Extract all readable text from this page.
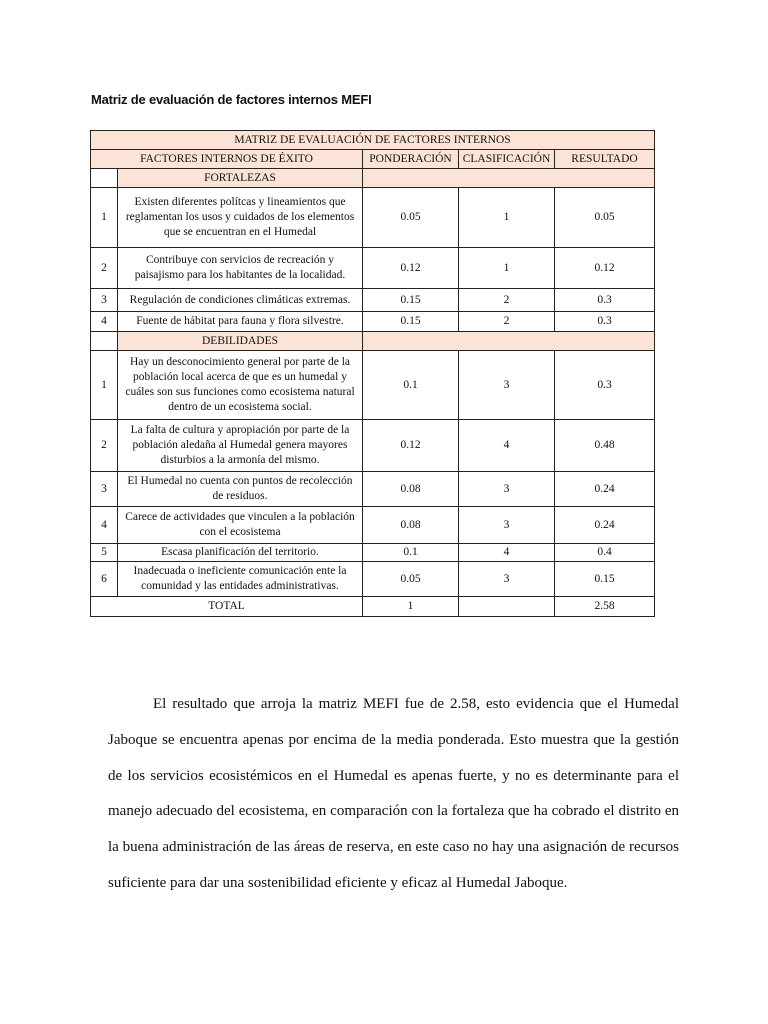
Matriz de evaluación de factores internos MEFI
MATRIZ DE EVALUACIÓN DE FACTORES INTERNOS				
FACTORES INTERNOS DE ÉXITO		PONDERACIÓN	CLASIFICACIÓN	RESULTADO
	FORTALEZAS			
1	Existen diferentes polítcas y lineamientos que reglamentan los usos y cuidados de los elementos que se encuentran en el Humedal	0.05	1	0.05
2	Contribuye con servicios de recreación y paisajismo para los habitantes de la localidad.	0.12	1	0.12
3	Regulación de condiciones climáticas extremas.	0.15	2	0.3
4	Fuente de hábitat para fauna y flora silvestre.	0.15	2	0.3
	DEBILIDADES			
1	Hay un desconocimiento general por parte de la población local acerca de que es un humedal y cuáles son sus funciones como ecosistema natural dentro de un ecosistema social.	0.1	3	0.3
2	La falta de cultura y apropiación por parte de la población aledaña al Humedal genera mayores disturbios a la armonía del mismo.	0.12	4	0.48
3	El Humedal no cuenta con puntos de recolección de residuos.	0.08	3	0.24
4	Carece de actividades que vinculen a la población con el ecosistema	0.08	3	0.24
5	Escasa planificación del territorio.	0.1	4	0.4
6	Inadecuada o ineficiente comunicación ente la comunidad y las entidades administrativas.	0.05	3	0.15
TOTAL		1		2.58

El resultado que arroja la matriz MEFI fue de 2.58, esto evidencia que el Humedal Jaboque se encuentra apenas por encima de la media ponderada. Esto muestra que la gestión de los servicios ecosistémicos en el Humedal es apenas fuerte, y no es determinante para el manejo adecuado del ecosistema, en comparación con la fortaleza que ha cobrado el distrito en la buena administración de las áreas de reserva, en este caso no hay una asignación de recursos suficiente para dar una sostenibilidad eficiente y eficaz al Humedal Jaboque.
